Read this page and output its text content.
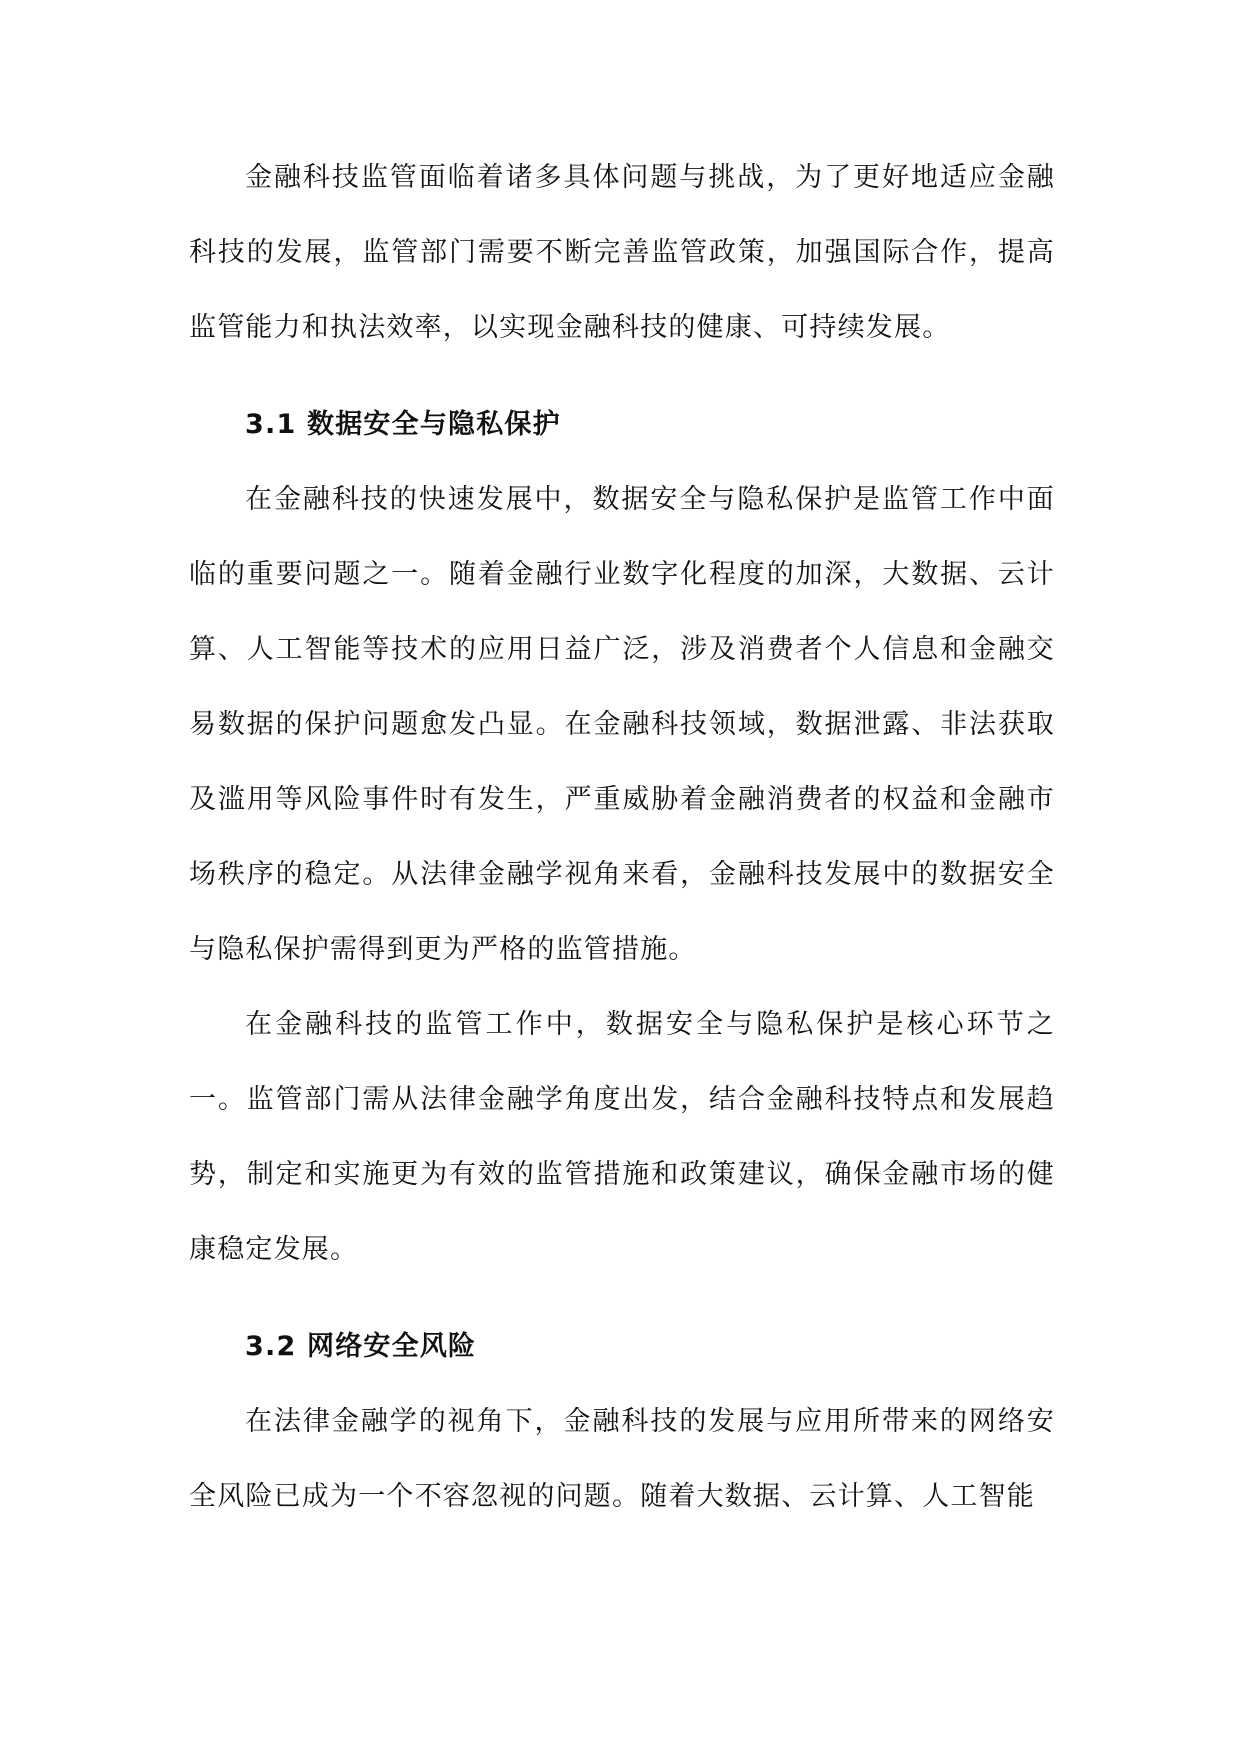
金融科技监管面临着诸多具体问题与挑战，为了更好地适应金融科技的发展，监管部门需要不断完善监管政策，加强国际合作，提高监管能力和执法效率，以实现金融科技的健康、可持续发展。

3.1 数据安全与隐私保护

在金融科技的快速发展中，数据安全与隐私保护是监管工作中面临的重要问题之一。随着金融行业数字化程度的加深，大数据、云计算、人工智能等技术的应用日益广泛，涉及消费者个人信息和金融交易数据的保护问题愈发凸显。在金融科技领域，数据泄露、非法获取及滥用等风险事件时有发生，严重威胁着金融消费者的权益和金融市场秩序的稳定。从法律金融学视角来看，金融科技发展中的数据安全与隐私保护需得到更为严格的监管措施。

在金融科技的监管工作中，数据安全与隐私保护是核心环节之一。监管部门需从法律金融学角度出发，结合金融科技特点和发展趋势，制定和实施更为有效的监管措施和政策建议，确保金融市场的健康稳定发展。

3.2 网络安全风险

在法律金融学的视角下，金融科技的发展与应用所带来的网络安全风险已成为一个不容忽视的问题。随着大数据、云计算、人工智能
